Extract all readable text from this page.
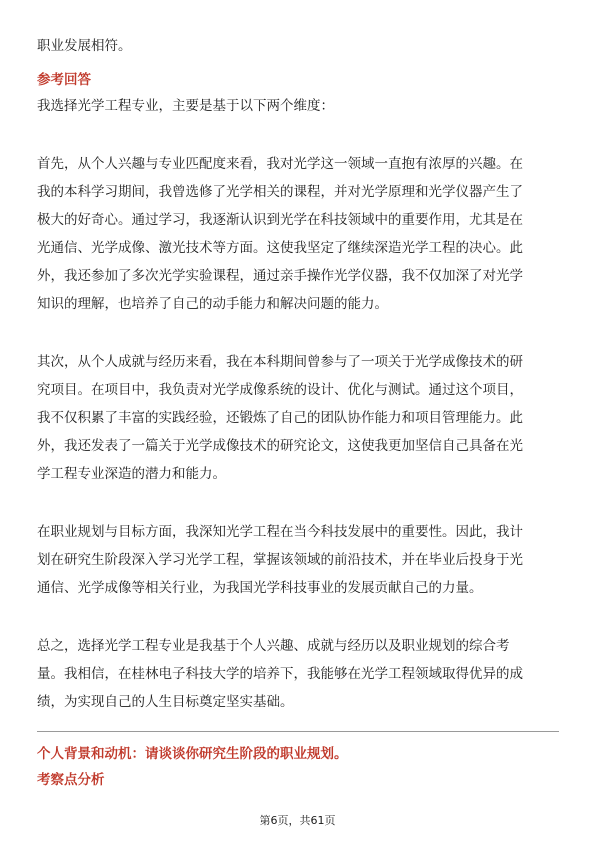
职业发展相符。
参考回答
我选择光学工程专业，主要是基于以下两个维度：
首先，从个人兴趣与专业匹配度来看，我对光学这一领域一直抱有浓厚的兴趣。在
我的本科学习期间，我曾选修了光学相关的课程，并对光学原理和光学仪器产生了
极大的好奇心。通过学习，我逐渐认识到光学在科技领域中的重要作用，尤其是在
光通信、光学成像、激光技术等方面。这使我坚定了继续深造光学工程的决心。此
外，我还参加了多次光学实验课程，通过亲手操作光学仪器，我不仅加深了对光学
知识的理解，也培养了自己的动手能力和解决问题的能力。
其次，从个人成就与经历来看，我在本科期间曾参与了一项关于光学成像技术的研
究项目。在项目中，我负责对光学成像系统的设计、优化与测试。通过这个项目，
我不仅积累了丰富的实践经验，还锻炼了自己的团队协作能力和项目管理能力。此
外，我还发表了一篇关于光学成像技术的研究论文，这使我更加坚信自己具备在光
学工程专业深造的潜力和能力。
在职业规划与目标方面，我深知光学工程在当今科技发展中的重要性。因此，我计
划在研究生阶段深入学习光学工程，掌握该领域的前沿技术，并在毕业后投身于光
通信、光学成像等相关行业，为我国光学科技事业的发展贡献自己的力量。
总之，选择光学工程专业是我基于个人兴趣、成就与经历以及职业规划的综合考
量。我相信，在桂林电子科技大学的培养下，我能够在光学工程领域取得优异的成
绩，为实现自己的人生目标奠定坚实基础。
个人背景和动机：请谈谈你研究生阶段的职业规划。
考察点分析
第6页，共61页
